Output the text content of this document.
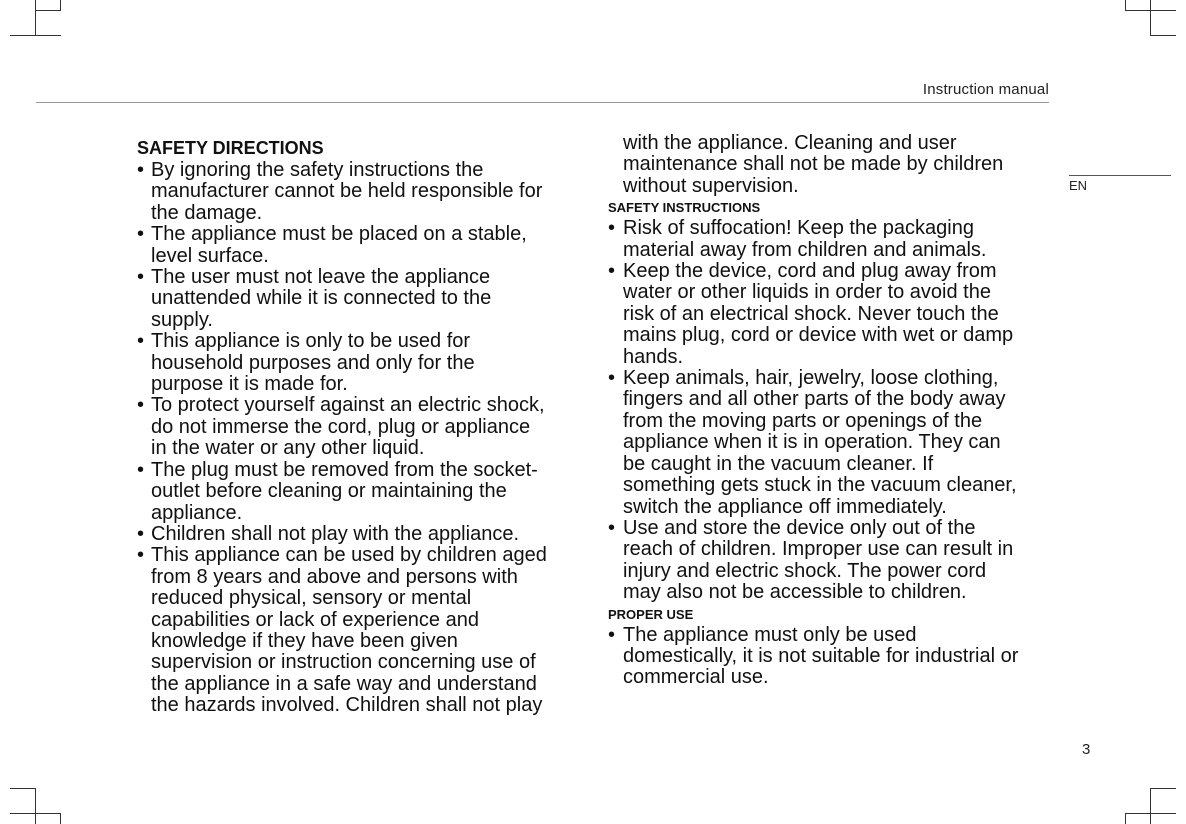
Instruction manual
EN
SAFETY DIRECTIONS
• By ignoring the safety instructions the
manufacturer cannot be held responsible for
the damage.
• The appliance must be placed on a stable,
level surface.
• The user must not leave the appliance
unattended while it is connected to the
supply.
• This appliance is only to be used for
household purposes and only for the
purpose it is made for.
• To protect yourself against an electric shock,
do not immerse the cord, plug or appliance
in the water or any other liquid.
• The plug must be removed from the socket-
outlet before cleaning or maintaining the
appliance.
• Children shall not play with the appliance.
• This appliance can be used by children aged
from 8 years and above and persons with
reduced physical, sensory or mental
capabilities or lack of experience and
knowledge if they have been given
supervision or instruction concerning use of
the appliance in a safe way and understand
the hazards involved. Children shall not play
with the appliance. Cleaning and user
maintenance shall not be made by children
without supervision.
SAFETY INSTRUCTIONS
• Risk of suffocation! Keep the packaging
material away from children and animals.
• Keep the device, cord and plug away from
water or other liquids in order to avoid the
risk of an electrical shock. Never touch the
mains plug, cord or device with wet or damp
hands.
• Keep animals, hair, jewelry, loose clothing,
fingers and all other parts of the body away
from the moving parts or openings of the
appliance when it is in operation. They can
be caught in the vacuum cleaner. If
something gets stuck in the vacuum cleaner,
switch the appliance off immediately.
• Use and store the device only out of the
reach of children. Improper use can result in
injury and electric shock. The power cord
may also not be accessible to children.
PROPER USE
• The appliance must only be used
domestically, it is not suitable for industrial or
commercial use.
3
